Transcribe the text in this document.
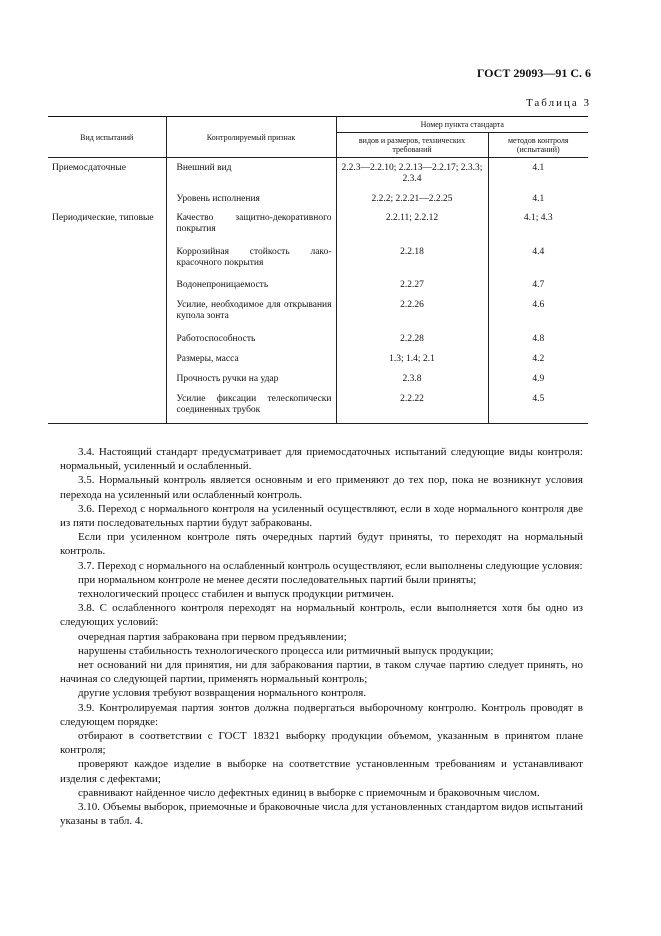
ГОСТ 29093—91 С. 6
Таблица 3
Вид испытаний	Контролируемый признак	Номер пункта стандарта	
		видов и размеров, технических требований	методов контроля (испытаний)
Приемосдаточные	Внешний вид	2.2.3—2.2.10; 2.2.13—2.2.17; 2.3.3; 2.3.4	4.1
	Уровень исполнения	2.2.2; 2.2.21—2.2.25	4.1
Периодические, типовые	Качество защитно-декоративного покрытия	2.2.11; 2.2.12	4.1; 4.3
	Коррозийная стойкость лакокрасочного покрытия	2.2.18	4.4
	Водонепроницаемость	2.2.27	4.7
	Усилие, необходимое для открывания купола зонта	2.2.26	4.6
	Работоспособность	2.2.28	4.8
	Размеры, масса	1.3; 1.4; 2.1	4.2
	Прочность ручки на удар	2.3.8	4.9
	Усилие фиксации телескопически соединенных трубок	2.2.22	4.5

3.4. Настоящий стандарт предусматривает для приемосдаточных испытаний следующие виды контроля: нормальный, усиленный и ослабленный.

3.5. Нормальный контроль является основным и его применяют до тех пор, пока не возникнут условия перехода на усиленный или ослабленный контроль.

3.6. Переход с нормального контроля на усиленный осуществляют, если в ходе нормального контроля две из пяти последовательных партии будут забракованы.

Если при усиленном контроле пять очередных партий будут приняты, то переходят на нормальный контроль.

3.7. Переход с нормального на ослабленный контроль осуществляют, если выполнены следующие условия:

при нормальном контроле не менее десяти последовательных партий были приняты;

технологический процесс стабилен и выпуск продукции ритмичен.

3.8. С ослабленного контроля переходят на нормальный контроль, если выполняется хотя бы одно из следующих условий:

очередная партия забракована при первом предъявлении;

нарушены стабильность технологического процесса или ритмичный выпуск продукции;

нет оснований ни для принятия, ни для забракования партии, в таком случае партию следует принять, но начиная со следующей партии, применять нормальный контроль;

другие условия требуют возвращения нормального контроля.

3.9. Контролируемая партия зонтов должна подвергаться выборочному контролю. Контроль проводят в следующем порядке:

отбирают в соответствии с ГОСТ 18321 выборку продукции объемом, указанным в принятом плане контроля;

проверяют каждое изделие в выборке на соответствие установленным требованиям и устанавливают изделия с дефектами;

сравнивают найденное число дефектных единиц в выборке с приемочным и браковочным числом.

3.10. Объемы выборок, приемочные и браковочные числа для установленных стандартом видов испытаний указаны в табл. 4.
